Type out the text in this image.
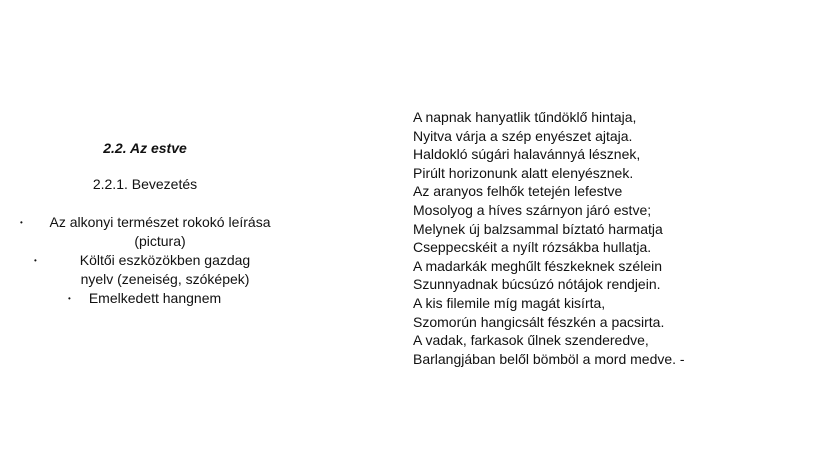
2.2. Az estve
2.2.1. Bevezetés
• Az alkonyi természet rokokó leírása (pictura)
•	Költői eszközökben gazdag nyelv (zeneiség, szóképek)
• Emelkedett hangnem
A napnak hanyatlik tűndöklő hintaja,
Nyitva várja a szép enyészet ajtaja.
Haldokló súgári halavánnyá lésznek,
Pirúlt horizonunk alatt elenyésznek.
Az aranyos felhők tetején lefestve
Mosolyog a híves szárnyon járó estve;
Melynek új balzsammal bíztató harmatja
Cseppecskéit a nyílt rózsákba hullatja.
A madarkák meghűlt fészkeknek szélein
Szunnyadnak búcsúzó nótájok rendjein.
A kis filemile míg magát kisírta,
Szomorún hangicsált fészkén a pacsirta.
A vadak, farkasok űlnek szenderedve,
Barlangjában belől bömböl a mord medve. -
